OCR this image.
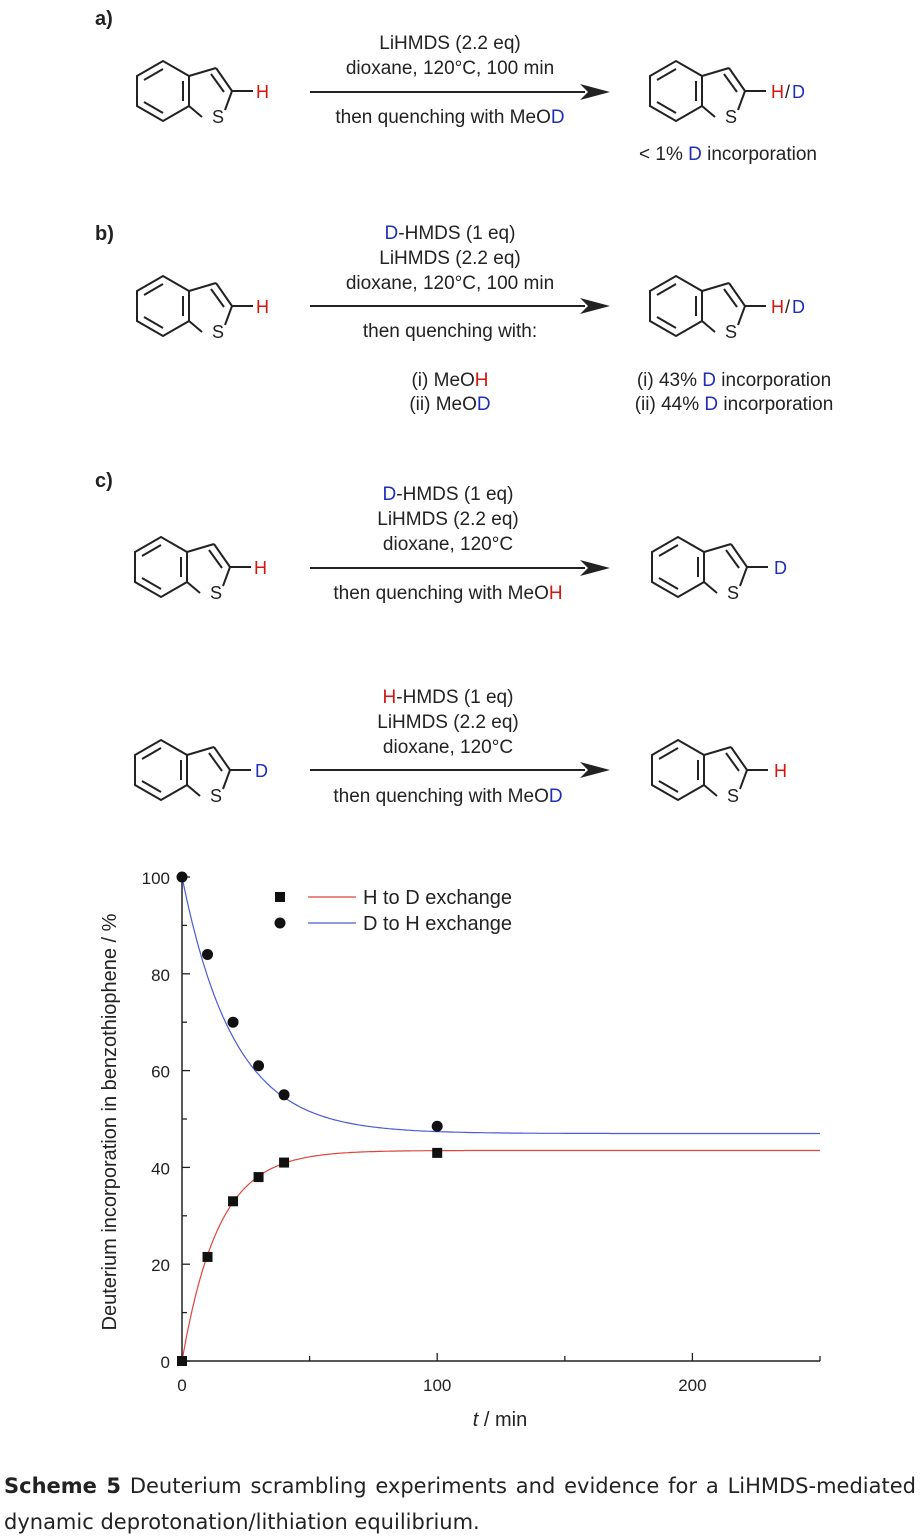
a)
b)
c)
S
H
S
H / D
S
H
S
H / D
S
H
S
D
S
D
S
H
LiHMDS (2.2 eq)
dioxane, 120°C, 100 min
then quenching with MeOD
< 1% D incorporation
D-HMDS (1 eq)
LiHMDS (2.2 eq)
dioxane, 120°C, 100 min
then quenching with:
(i) MeOH
(ii) MeOD
(i) 43% D incorporation
(ii) 44% D incorporation
D-HMDS (1 eq)
LiHMDS (2.2 eq)
dioxane, 120°C
then quenching with MeOH
H-HMDS (1 eq)
LiHMDS (2.2 eq)
dioxane, 120°C
then quenching with MeOD
0
20
40
60
80
100
0	100	200
H to D exchange
D to H exchange
Deuterium incorporation in benzothiophene / %
t / min
Scheme 5 Deuterium scrambling experiments and evidence for a LiHMDS-mediated dynamic deprotonation/lithiation equilibrium.
